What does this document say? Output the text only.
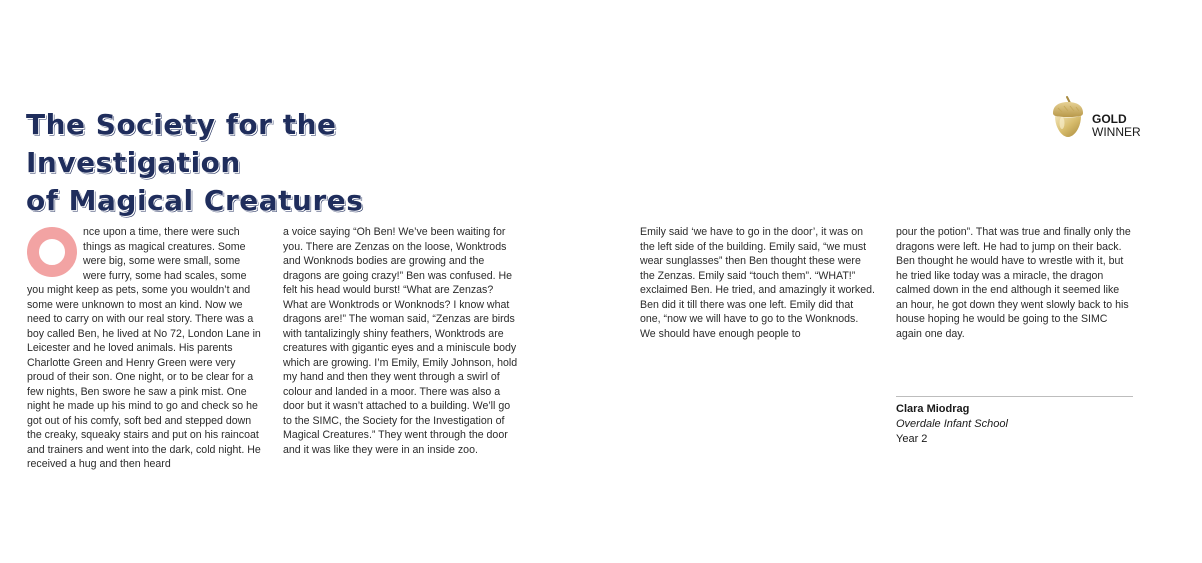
The Society for the Investigation
of Magical Creatures
GOLD
WINNER

nce upon a time, there were such things as magical creatures. Some were big, some were small, some were furry, some had scales, some you might keep as pets, some you wouldn’t and some were unknown to most an kind. Now we need to carry on with our real story. There was a boy called Ben, he lived at No 72, London Lane in Leicester and he loved animals. His parents Charlotte Green and Henry Green were very proud of their son. One night, or to be clear for a few nights, Ben swore he saw a pink mist. One night he made up his mind to go and check so he got out of his comfy, soft bed and stepped down the creaky, squeaky stairs and put on his raincoat and trainers and went into the dark, cold night. He received a hug and then heard

a voice saying “Oh Ben! We’ve been waiting for you. There are Zenzas on the loose, Wonktrods and Wonknods bodies are growing and the dragons are going crazy!” Ben was confused. He felt his head would burst! “What are Zenzas? What are Wonktrods or Wonknods? I know what dragons are!” The woman said, “Zenzas are birds with tantalizingly shiny feathers, Wonktrods are creatures with gigantic eyes and a miniscule body which are growing. I’m Emily, Emily Johnson, hold my hand and then they went through a swirl of colour and landed in a moor. There was also a door but it wasn’t attached to a building. We’ll go to the SIMC, the Society for the Investigation of Magical Creatures.” They went through the door and it was like they were in an inside zoo.

Emily said ‘we have to go in the door’, it was on the left side of the building. Emily said, “we must wear sunglasses” then Ben thought these were the Zenzas. Emily said “touch them”. “WHAT!” exclaimed Ben. He tried, and amazingly it worked. Ben did it till there was one left. Emily did that one, “now we will have to go to the Wonknods. We should have enough people to

pour the potion”. That was true and finally only the dragons were left. He had to jump on their back. Ben thought he would have to wrestle with it, but he tried like today was a miracle, the dragon calmed down in the end although it seemed like an hour, he got down they went slowly back to his house hoping he would be going to the SIMC again one day.

Clara Miodrag
Overdale Infant School
Year 2
